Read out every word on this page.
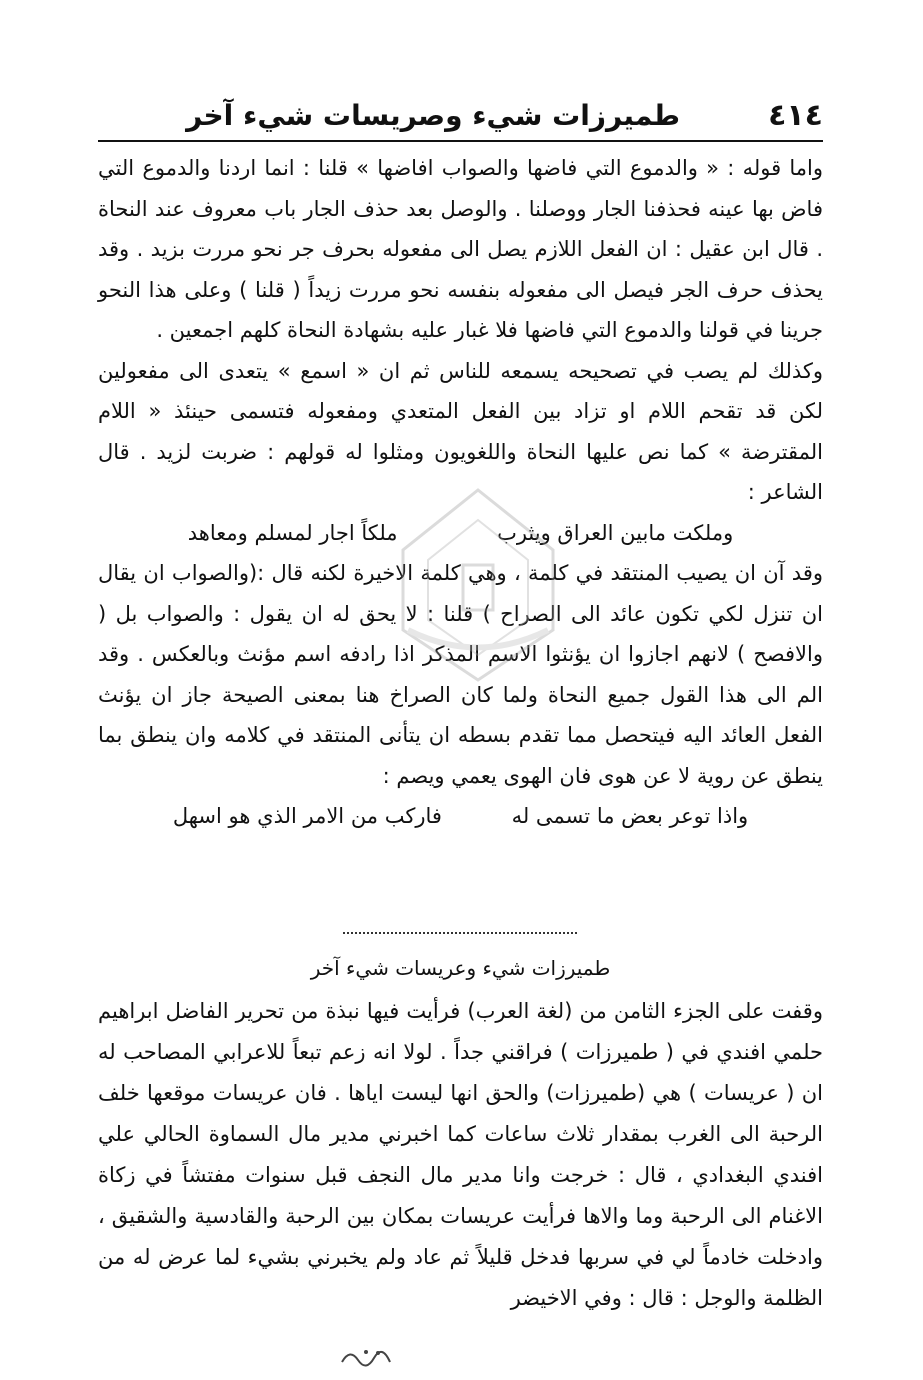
٤١٤
طميرزات شيء وصريسات شيء آخر

واما قوله : « والدموع التي فاضها والصواب افاضها » قلنا : انما اردنا والدموع التي فاض بها عينه فحذفنا الجار ووصلنا . والوصل بعد حذف الجار باب معروف عند النحاة . قال ابن عقيل : ان الفعل اللازم يصل الى مفعوله بحرف جر نحو مررت بزيد . وقد يحذف حرف الجر فيصل الى مفعوله بنفسه نحو مررت زيداً ( قلنا ) وعلى هذا النحو جرينا في قولنا والدموع التي فاضها فلا غبار عليه بشهادة النحاة كلهم اجمعين .

وكذلك لم يصب في تصحيحه يسمعه للناس ثم ان « اسمع » يتعدى الى مفعولين لكن قد تقحم اللام او تزاد بين الفعل المتعدي ومفعوله فتسمى حينئذ « اللام المقترضة » كما نص عليها النحاة واللغويون ومثلوا له قولهم : ضربت لزيد . قال الشاعر :

وملكت مابين العراق ويثرب
ملكاً اجار لمسلم ومعاهد

وقد آن ان يصيب المنتقد في كلمة ، وهي كلمة الاخيرة لكنه قال :(والصواب ان يقال ان تنزل لكي تكون عائد الى الصراح ) قلنا : لا يحق له ان يقول : والصواب بل ( والافصح ) لانهم اجازوا ان يؤنثوا الاسم المذكر اذا رادفه اسم مؤنث وبالعكس . وقد الم الى هذا القول جميع النحاة ولما كان الصراخ هنا بمعنى الصيحة جاز ان يؤنث الفعل العائد اليه فيتحصل مما تقدم بسطه ان يتأنى المنتقد في كلامه وان ينطق بما ينطق عن روية لا عن هوى فان الهوى يعمي ويصم :

واذا توعر بعض ما تسمى له
فاركب من الامر الذي هو اسهل
طميرزات شيء وعريسات شيء آخر

وقفت على الجزء الثامن من (لغة العرب) فرأيت فيها نبذة من تحرير الفاضل ابراهيم حلمي افندي في ( طميرزات ) فراقني جداً . لولا انه زعم تبعاً للاعرابي المصاحب له ان ( عريسات ) هي (طميرزات) والحق انها ليست اياها . فان عريسات موقعها خلف الرحبة الى الغرب بمقدار ثلاث ساعات كما اخبرني مدير مال السماوة الحالي علي افندي البغدادي ، قال : خرجت وانا مدير مال النجف قبل سنوات مفتشاً في زكاة الاغنام الى الرحبة وما والاها فرأيت عريسات بمكان بين الرحبة والقادسية والشقيق ، وادخلت خادماً لي في سربها فدخل قليلاً ثم عاد ولم يخبرني بشيء لما عرض له من الظلمة والوجل : قال : وفي الاخيضر
